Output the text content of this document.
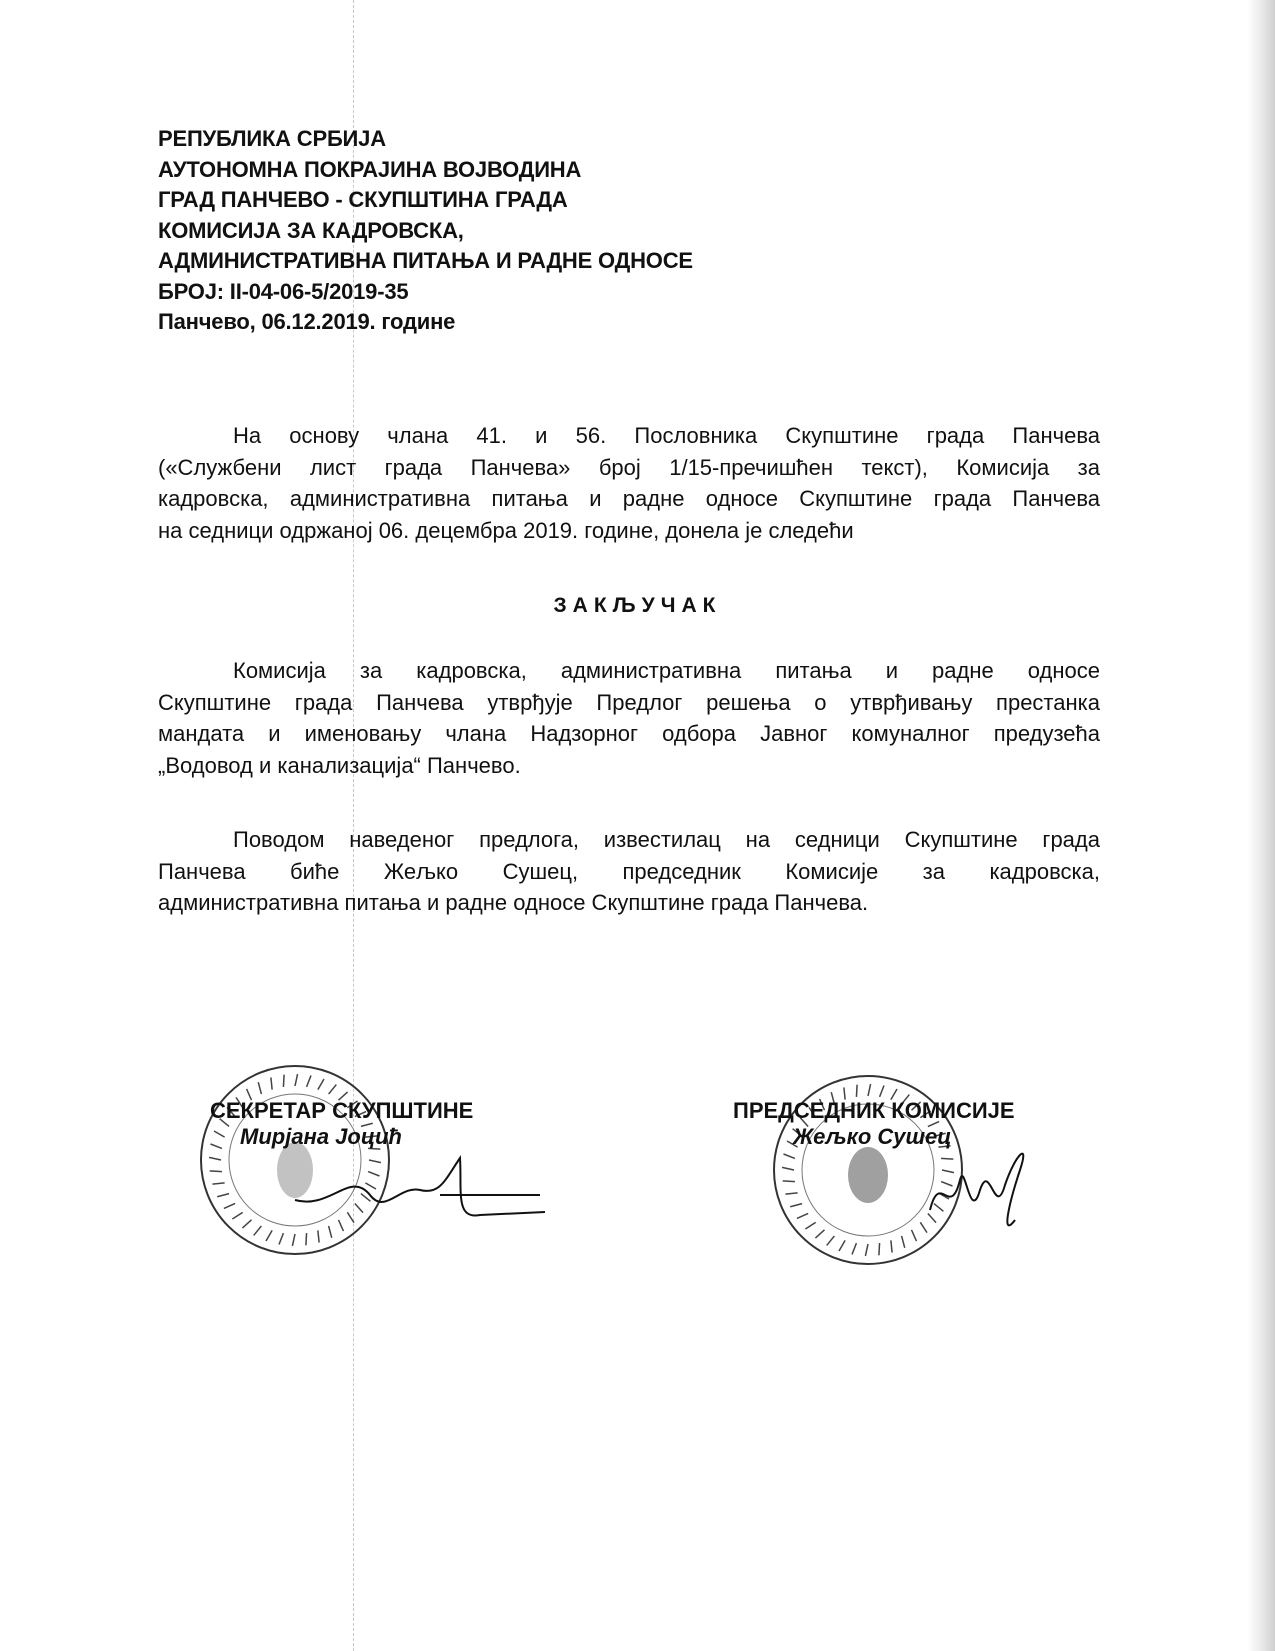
РЕПУБЛИКА СРБИЈА
АУТОНОМНА ПОКРАЈИНА ВОЈВОДИНА
ГРАД ПАНЧЕВО - СКУПШТИНА ГРАДА
КОМИСИЈА ЗА КАДРОВСКА,
АДМИНИСТРАТИВНА ПИТАЊА И РАДНЕ ОДНОСЕ
БРОЈ: II-04-06-5/2019-35
Панчево, 06.12.2019. године
На основу члана 41. и 56. Пословника Скупштине града Панчева
(«Службени лист града Панчева» број 1/15-пречишћен текст), Комисија за
кадровска, административна питања и радне односе Скупштине града Панчева
на седници одржаној 06. децембра 2019. године, донела је следећи
ЗАКЉУЧАК
Комисија за кадровска, административна питања и радне односе
Скупштине града Панчева утврђује Предлог решења о утврђивању престанка
мандата и именовању члана Надзорног одбора Јавног комуналног предузећа
„Водовод и канализација“ Панчево.
Поводом наведеног предлога, известилац на седници Скупштине града
Панчева биће Жељко Сушец, председник Комисије за кадровска,
административна питања и радне односе Скупштине града Панчева.
СЕКРЕТАР СКУПШТИНЕ
Мирјана Јоцић
ПРЕДСЕДНИК КОМИСИЈЕ
Жељко Сушец
